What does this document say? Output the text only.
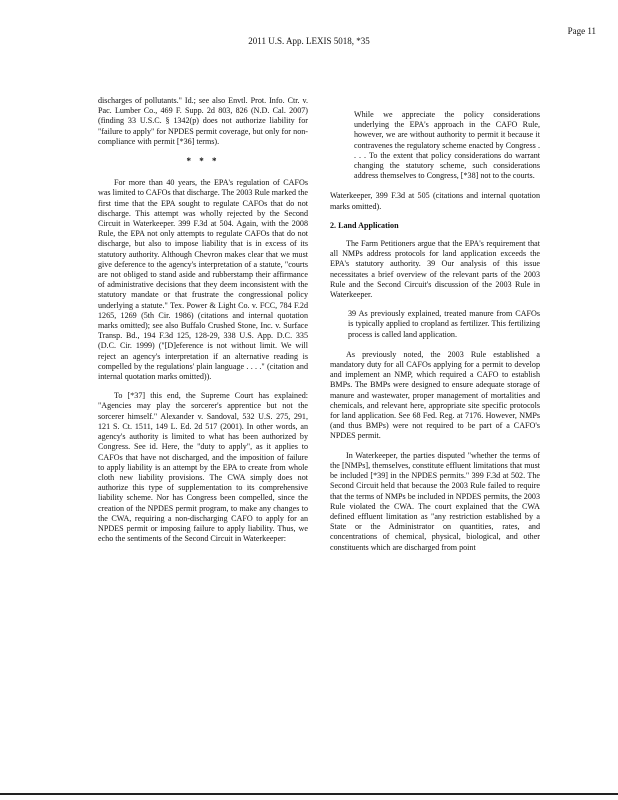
Page 11
2011 U.S. App. LEXIS 5018, *35

discharges of pollutants." Id.; see also Envtl. Prot. Info. Ctr. v. Pac. Lumber Co., 469 F. Supp. 2d 803, 826 (N.D. Cal. 2007) (finding 33 U.S.C. § 1342(p) does not authorize liability for "failure to apply" for NPDES permit coverage, but only for non-compliance with permit [*36] terms).

* * *

For more than 40 years, the EPA's regulation of CAFOs was limited to CAFOs that discharge. The 2003 Rule marked the first time that the EPA sought to regulate CAFOs that do not discharge. This attempt was wholly rejected by the Second Circuit in Waterkeeper. 399 F.3d at 504. Again, with the 2008 Rule, the EPA not only attempts to regulate CAFOs that do not discharge, but also to impose liability that is in excess of its statutory authority. Although Chevron makes clear that we must give deference to the agency's interpretation of a statute, "courts are not obliged to stand aside and rubberstamp their affirmance of administrative decisions that they deem inconsistent with the statutory mandate or that frustrate the congressional policy underlying a statute." Tex. Power & Light Co. v. FCC, 784 F.2d 1265, 1269 (5th Cir. 1986) (citations and internal quotation marks omitted); see also Buffalo Crushed Stone, Inc. v. Surface Transp. Bd., 194 F.3d 125, 128-29, 338 U.S. App. D.C. 335 (D.C. Cir. 1999) ("[D]eference is not without limit. We will reject an agency's interpretation if an alternative reading is compelled by the regulations' plain language . . . ." (citation and internal quotation marks omitted)).

To [*37] this end, the Supreme Court has explained: "Agencies may play the sorcerer's apprentice but not the sorcerer himself." Alexander v. Sandoval, 532 U.S. 275, 291, 121 S. Ct. 1511, 149 L. Ed. 2d 517 (2001). In other words, an agency's authority is limited to what has been authorized by Congress. See id. Here, the "duty to apply", as it applies to CAFOs that have not discharged, and the imposition of failure to apply liability is an attempt by the EPA to create from whole cloth new liability provisions. The CWA simply does not authorize this type of supplementation to its comprehensive liability scheme. Nor has Congress been compelled, since the creation of the NPDES permit program, to make any changes to the CWA, requiring a non-discharging CAFO to apply for an NPDES permit or imposing failure to apply liability. Thus, we echo the sentiments of the Second Circuit in Waterkeeper:

While we appreciate the policy considerations underlying the EPA's approach in the CAFO Rule, however, we are without authority to permit it because it contravenes the regulatory scheme enacted by Congress . . . . To the extent that policy considerations do warrant changing the statutory scheme, such considerations address themselves to Congress, [*38] not to the courts.

Waterkeeper, 399 F.3d at 505 (citations and internal quotation marks omitted).

2. Land Application

The Farm Petitioners argue that the EPA's requirement that all NMPs address protocols for land application exceeds the EPA's statutory authority. 39 Our analysis of this issue necessitates a brief overview of the relevant parts of the 2003 Rule and the Second Circuit's discussion of the 2003 Rule in Waterkeeper.

39 As previously explained, treated manure from CAFOs is typically applied to cropland as fertilizer. This fertilizing process is called land application.

As previously noted, the 2003 Rule established a mandatory duty for all CAFOs applying for a permit to develop and implement an NMP, which required a CAFO to establish BMPs. The BMPs were designed to ensure adequate storage of manure and wastewater, proper management of mortalities and chemicals, and relevant here, appropriate site specific protocols for land application. See 68 Fed. Reg. at 7176. However, NMPs (and thus BMPs) were not required to be part of a CAFO's NPDES permit.

In Waterkeeper, the parties disputed "whether the terms of the [NMPs], themselves, constitute effluent limitations that must be included [*39] in the NPDES permits." 399 F.3d at 502. The Second Circuit held that because the 2003 Rule failed to require that the terms of NMPs be included in NPDES permits, the 2003 Rule violated the CWA. The court explained that the CWA defined effluent limitation as "any restriction established by a State or the Administrator on quantities, rates, and concentrations of chemical, physical, biological, and other constituents which are discharged from point
